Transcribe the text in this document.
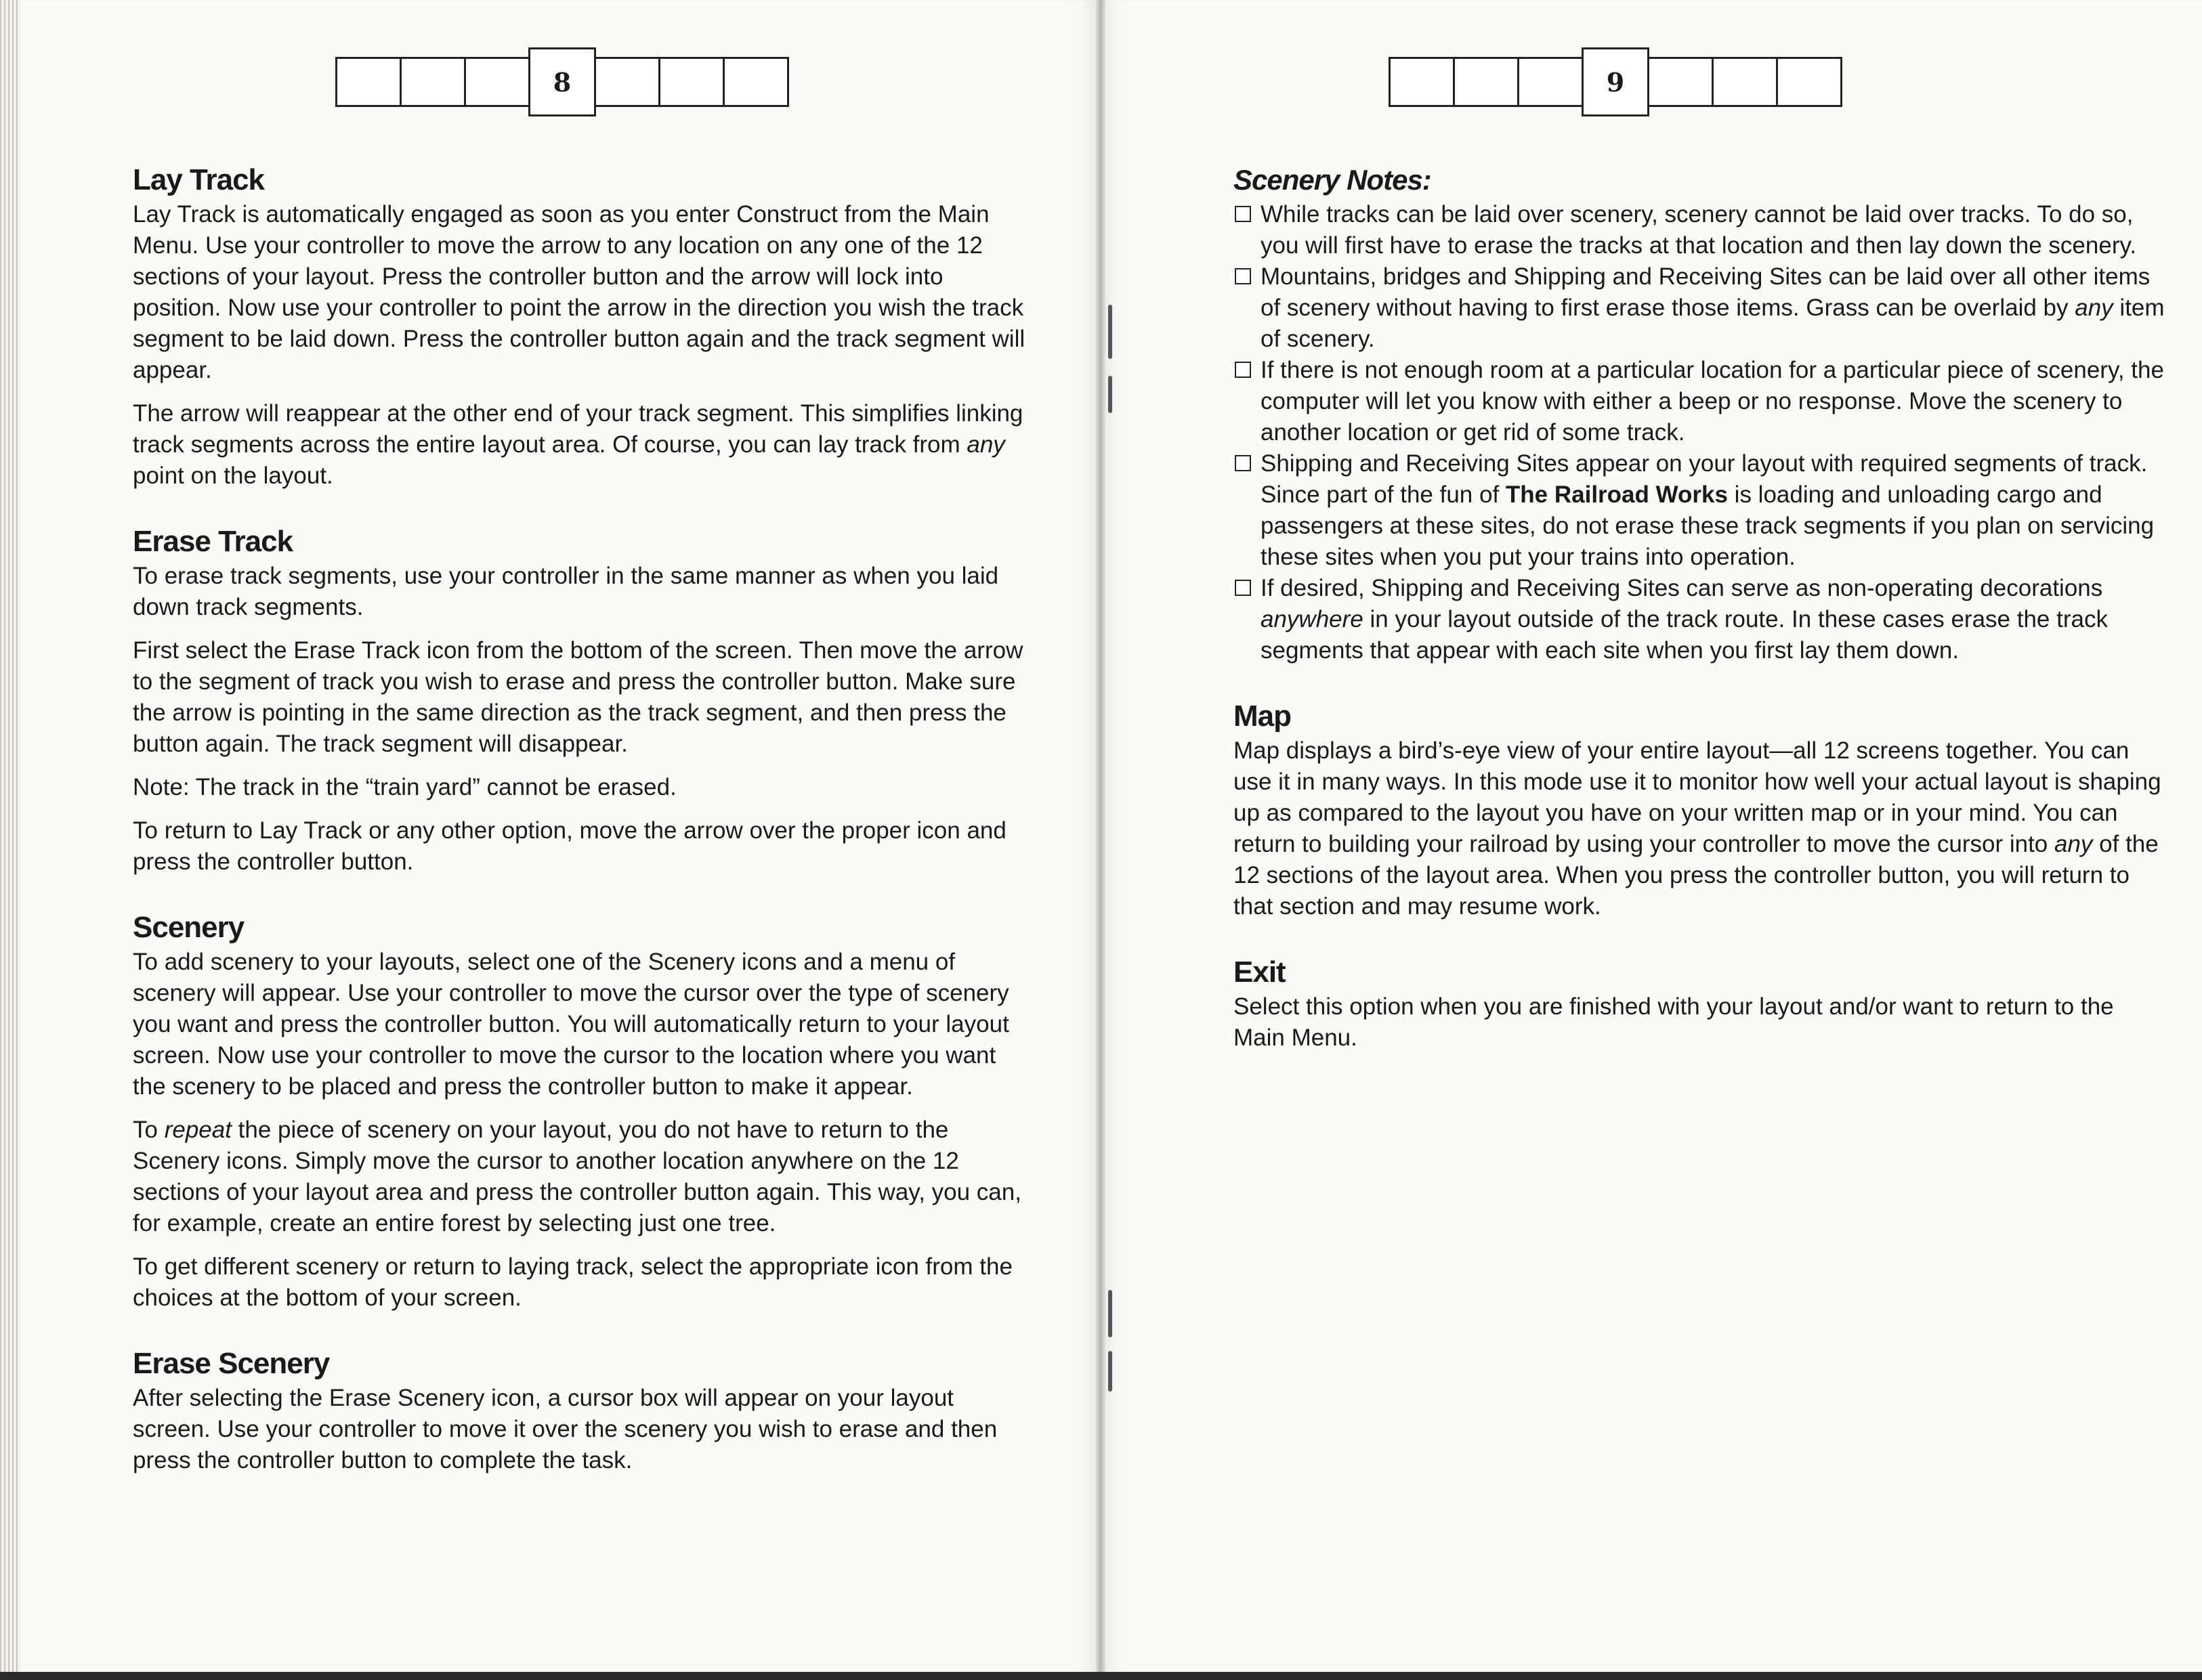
8
Lay Track

Lay Track is automatically engaged as soon as you enter Construct from the Main Menu. Use your controller to move the arrow to any location on any one of the 12 sections of your layout. Press the controller button and the arrow will lock into position. Now use your controller to point the arrow in the direction you wish the track segment to be laid down. Press the controller button again and the track segment will appear.

The arrow will reappear at the other end of your track segment. This simplifies linking track segments across the entire layout area. Of course, you can lay track from any point on the layout.

Erase Track

To erase track segments, use your controller in the same manner as when you laid down track segments.

First select the Erase Track icon from the bottom of the screen. Then move the arrow to the segment of track you wish to erase and press the controller button. Make sure the arrow is pointing in the same direction as the track segment, and then press the button again. The track segment will disappear.

Note: The track in the “train yard” cannot be erased.

To return to Lay Track or any other option, move the arrow over the proper icon and press the controller button.

Scenery

To add scenery to your layouts, select one of the Scenery icons and a menu of scenery will appear. Use your controller to move the cursor over the type of scenery you want and press the controller button. You will automatically return to your layout screen. Now use your controller to move the cursor to the location where you want the scenery to be placed and press the controller button to make it appear.

To repeat the piece of scenery on your layout, you do not have to return to the Scenery icons. Simply move the cursor to another location anywhere on the 12 sections of your layout area and press the controller button again. This way, you can, for example, create an entire forest by selecting just one tree.

To get different scenery or return to laying track, select the appropriate icon from the choices at the bottom of your screen.

Erase Scenery

After selecting the Erase Scenery icon, a cursor box will appear on your layout screen. Use your controller to move it over the scenery you wish to erase and then press the controller button to complete the task.

9
Scenery Notes:
While tracks can be laid over scenery, scenery cannot be laid over tracks. To do so, you will first have to erase the tracks at that location and then lay down the scenery.
Mountains, bridges and Shipping and Receiving Sites can be laid over all other items of scenery without having to first erase those items. Grass can be overlaid by any item of scenery.
If there is not enough room at a particular location for a particular piece of scenery, the computer will let you know with either a beep or no response. Move the scenery to another location or get rid of some track.
Shipping and Receiving Sites appear on your layout with required segments of track. Since part of the fun of The Railroad Works is loading and unloading cargo and passengers at these sites, do not erase these track segments if you plan on servicing these sites when you put your trains into operation.
If desired, Shipping and Receiving Sites can serve as non-operating decorations anywhere in your layout outside of the track route. In these cases erase the track segments that appear with each site when you first lay them down.
Map

Map displays a bird’s-eye view of your entire layout—all 12 screens together. You can use it in many ways. In this mode use it to monitor how well your actual layout is shaping up as compared to the layout you have on your written map or in your mind. You can return to building your railroad by using your controller to move the cursor into any of the 12 sections of the layout area. When you press the controller button, you will return to that section and may resume work.

Exit

Select this option when you are finished with your layout and/or want to return to the Main Menu.
